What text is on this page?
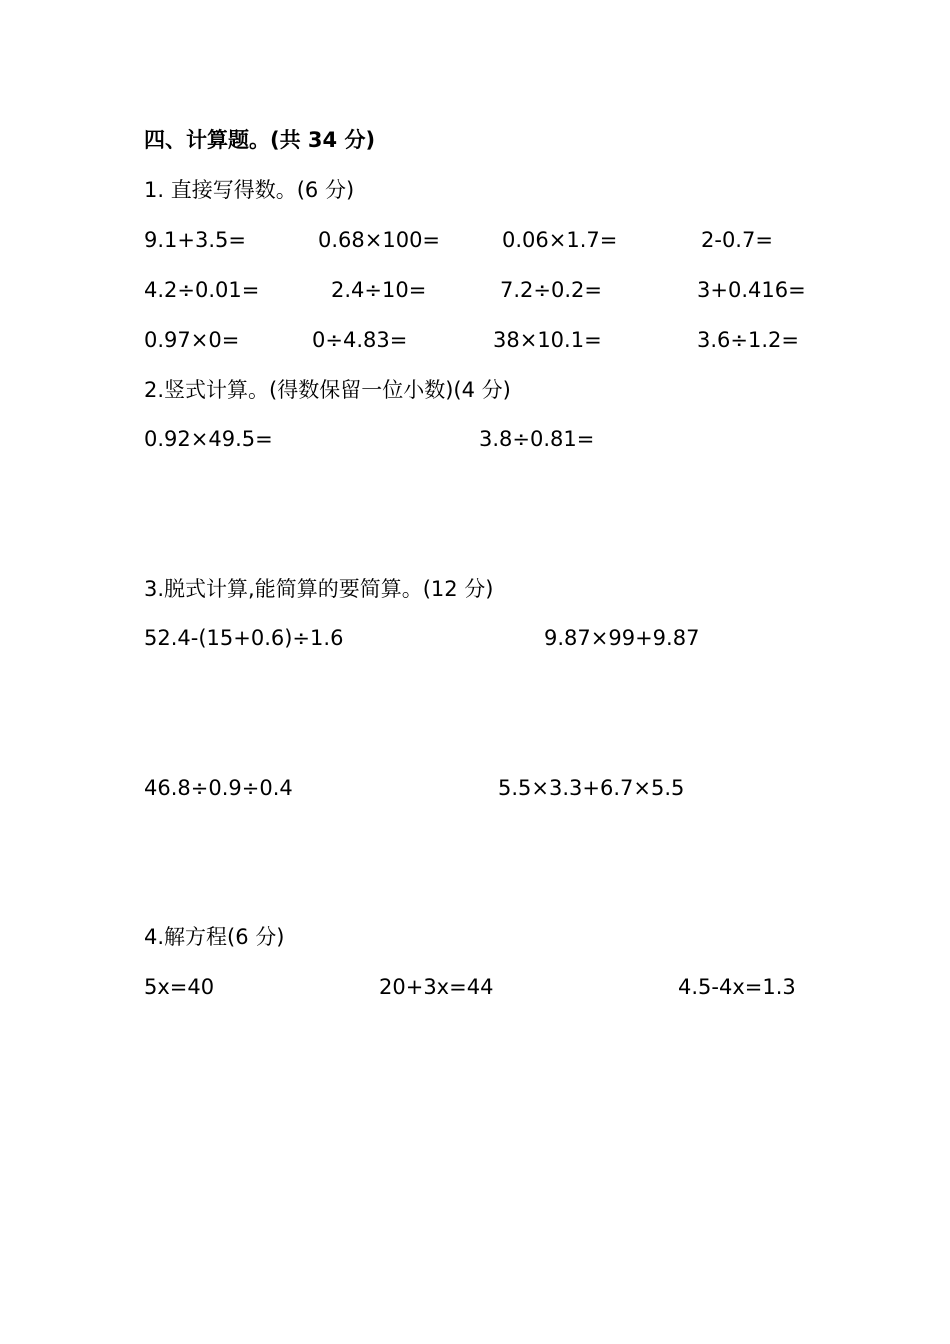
四、计算题。(共 34 分)
1. 直接写得数。(6 分)
9.1+3.5=	0.68×100=	0.06×1.7=	2-0.7=
4.2÷0.01=	2.4÷10=	7.2÷0.2=	3+0.416=
0.97×0=	0÷4.83=	38×10.1=	3.6÷1.2=
2.竖式计算。(得数保留一位小数)(4 分)
0.92×49.5=	3.8÷0.81=
3.脱式计算,能简算的要简算。(12 分)
52.4-(15+0.6)÷1.6	9.87×99+9.87
46.8÷0.9÷0.4	5.5×3.3+6.7×5.5
4.解方程(6 分)
5x=40	20+3x=44	4.5-4x=1.3
